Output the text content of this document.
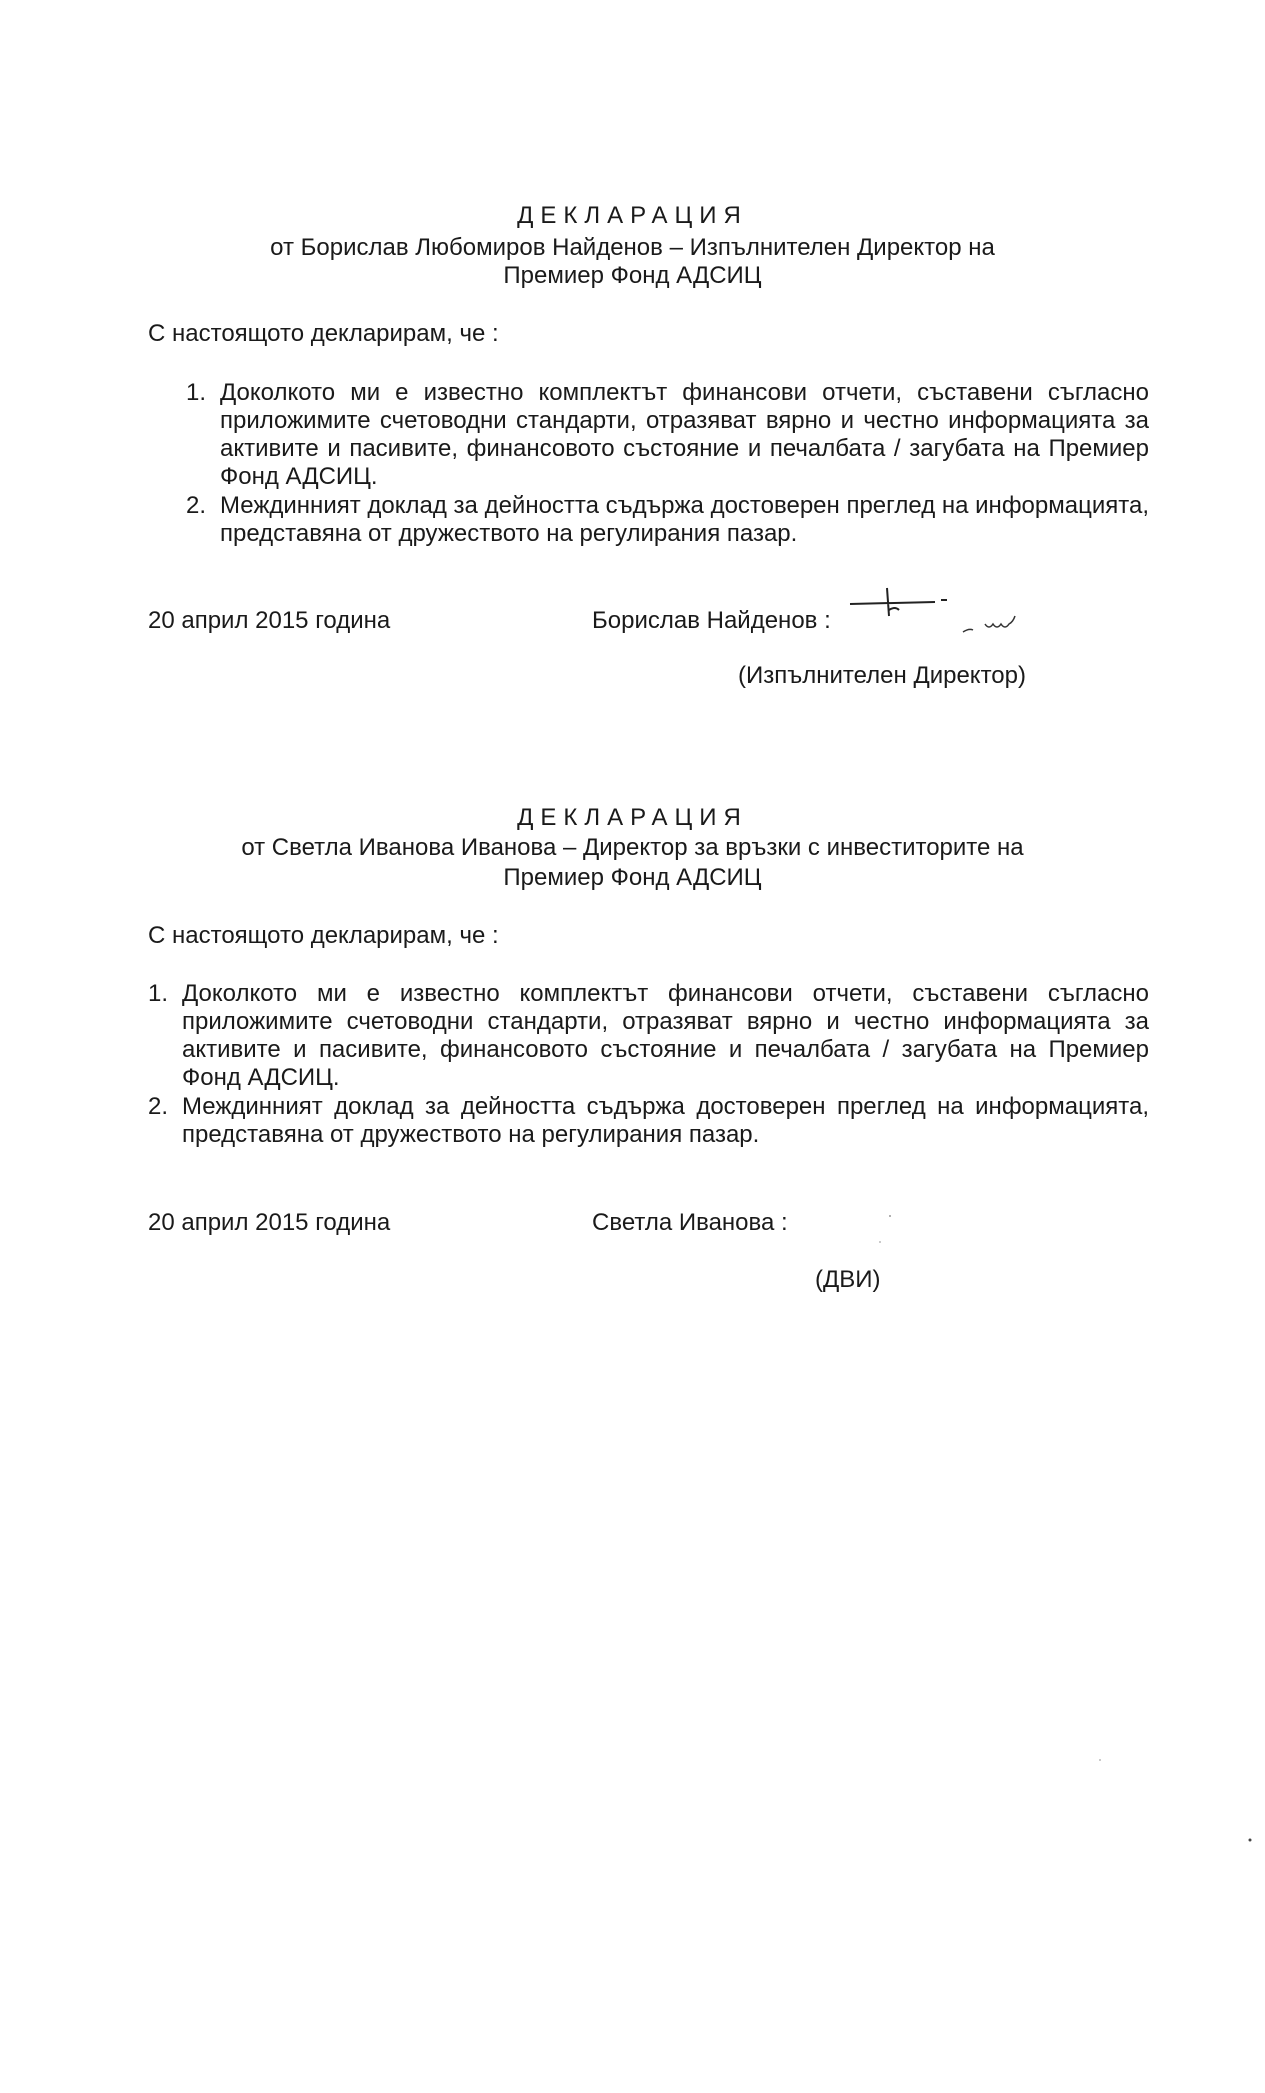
ДЕКЛАРАЦИЯ
от Борислав Любомиров Найденов – Изпълнителен Директор на
Премиер Фонд АДСИЦ
С настоящото декларирам, че :
1. Доколкото ми е известно комплектът финансови отчети, съставени съгласно приложимите счетоводни стандарти, отразяват вярно и честно информацията за активите и пасивите, финансовото състояние и печалбата / загубата на Премиер Фонд АДСИЦ.
2. Междинният доклад за дейността съдържа достоверен преглед на информацията, представяна от дружеството на регулирания пазар.
20 април 2015 година	Борислав Найденов :
(Изпълнителен Директор)
ДЕКЛАРАЦИЯ
от Светла Иванова Иванова – Директор за връзки с инвеститорите на
Премиер Фонд АДСИЦ
С настоящото декларирам, че :
1. Доколкото ми е известно комплектът финансови отчети, съставени съгласно приложимите счетоводни стандарти, отразяват вярно и честно информацията за активите и пасивите, финансовото състояние и печалбата / загубата на Премиер Фонд АДСИЦ.
2. Междинният доклад за дейността съдържа достоверен преглед на информацията, представяна от дружеството на регулирания пазар.
20 април 2015 година	Светла Иванова :
(ДВИ)
